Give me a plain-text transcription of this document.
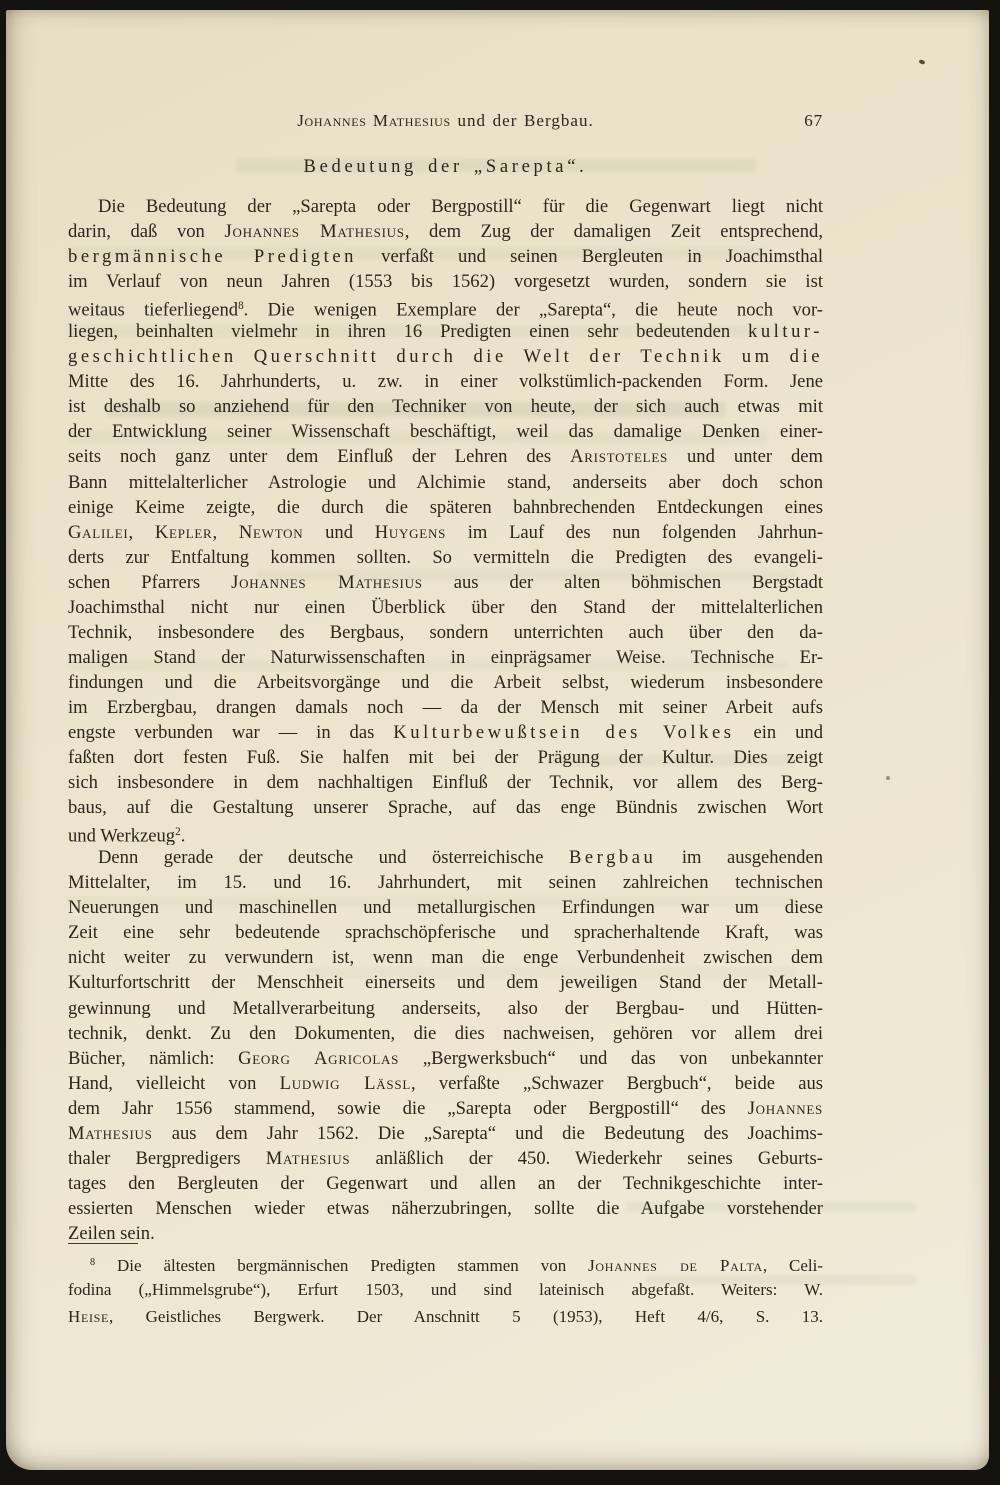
Johannes Mathesius und der Bergbau.	67
Bedeutung der „Sarepta“.
Die Bedeutung der „Sarepta oder Bergpostill“ für die Gegenwart liegt nicht
darin, daß von Johannes Mathesius, dem Zug der damaligen Zeit entsprechend,
bergmännische Predigten verfaßt und seinen Bergleuten in Joachimsthal
im Verlauf von neun Jahren (1553 bis 1562) vorgesetzt wurden, sondern sie ist
weitaus tieferliegend$^8$. Die wenigen Exemplare der „Sarepta“, die heute noch vor-
liegen, beinhalten vielmehr in ihren 16 Predigten einen sehr bedeutenden kultur-
geschichtlichen Querschnitt durch die Welt der Technik um die
Mitte des 16. Jahrhunderts, u. zw. in einer volkstümlich-packenden Form. Jene
ist deshalb so anziehend für den Techniker von heute, der sich auch etwas mit
der Entwicklung seiner Wissenschaft beschäftigt, weil das damalige Denken einer-
seits noch ganz unter dem Einfluß der Lehren des Aristoteles und unter dem
Bann mittelalterlicher Astrologie und Alchimie stand, anderseits aber doch schon
einige Keime zeigte, die durch die späteren bahnbrechenden Entdeckungen eines
Galilei, Kepler, Newton und Huygens im Lauf des nun folgenden Jahrhun-
derts zur Entfaltung kommen sollten. So vermitteln die Predigten des evangeli-
schen Pfarrers Johannes Mathesius aus der alten böhmischen Bergstadt
Joachimsthal nicht nur einen Überblick über den Stand der mittelalterlichen
Technik, insbesondere des Bergbaus, sondern unterrichten auch über den da-
maligen Stand der Naturwissenschaften in einprägsamer Weise. Technische Er-
findungen und die Arbeitsvorgänge und die Arbeit selbst, wiederum insbesondere
im Erzbergbau, drangen damals noch — da der Mensch mit seiner Arbeit aufs
engste verbunden war — in das Kulturbewußtsein des Volkes ein und
faßten dort festen Fuß. Sie halfen mit bei der Prägung der Kultur. Dies zeigt
sich insbesondere in dem nachhaltigen Einfluß der Technik, vor allem des Berg-
baus, auf die Gestaltung unserer Sprache, auf das enge Bündnis zwischen Wort
und Werkzeug$^2$.
Denn gerade der deutsche und österreichische Bergbau im ausgehenden
Mittelalter, im 15. und 16. Jahrhundert, mit seinen zahlreichen technischen
Neuerungen und maschinellen und metallurgischen Erfindungen war um diese
Zeit eine sehr bedeutende sprachschöpferische und spracherhaltende Kraft, was
nicht weiter zu verwundern ist, wenn man die enge Verbundenheit zwischen dem
Kulturfortschritt der Menschheit einerseits und dem jeweiligen Stand der Metall-
gewinnung und Metallverarbeitung anderseits, also der Bergbau- und Hütten-
technik, denkt. Zu den Dokumenten, die dies nachweisen, gehören vor allem drei
Bücher, nämlich: Georg Agricolas „Bergwerksbuch“ und das von unbekannter
Hand, vielleicht von Ludwig Lässl, verfaßte „Schwazer Bergbuch“, beide aus
dem Jahr 1556 stammend, sowie die „Sarepta oder Bergpostill“ des Johannes
Mathesius aus dem Jahr 1562. Die „Sarepta“ und die Bedeutung des Joachims-
thaler Bergpredigers Mathesius anläßlich der 450. Wiederkehr seines Geburts-
tages den Bergleuten der Gegenwart und allen an der Technikgeschichte inter-
essierten Menschen wieder etwas näherzubringen, sollte die Aufgabe vorstehender
Zeilen sein.
$^8$ Die ältesten bergmännischen Predigten stammen von Johannes de Palta, Celi-
fodina („Himmelsgrube“), Erfurt 1503, und sind lateinisch abgefaßt. Weiters: W.
Heise, Geistliches Bergwerk. Der Anschnitt 5 (1953), Heft 4/6, S. 13.
